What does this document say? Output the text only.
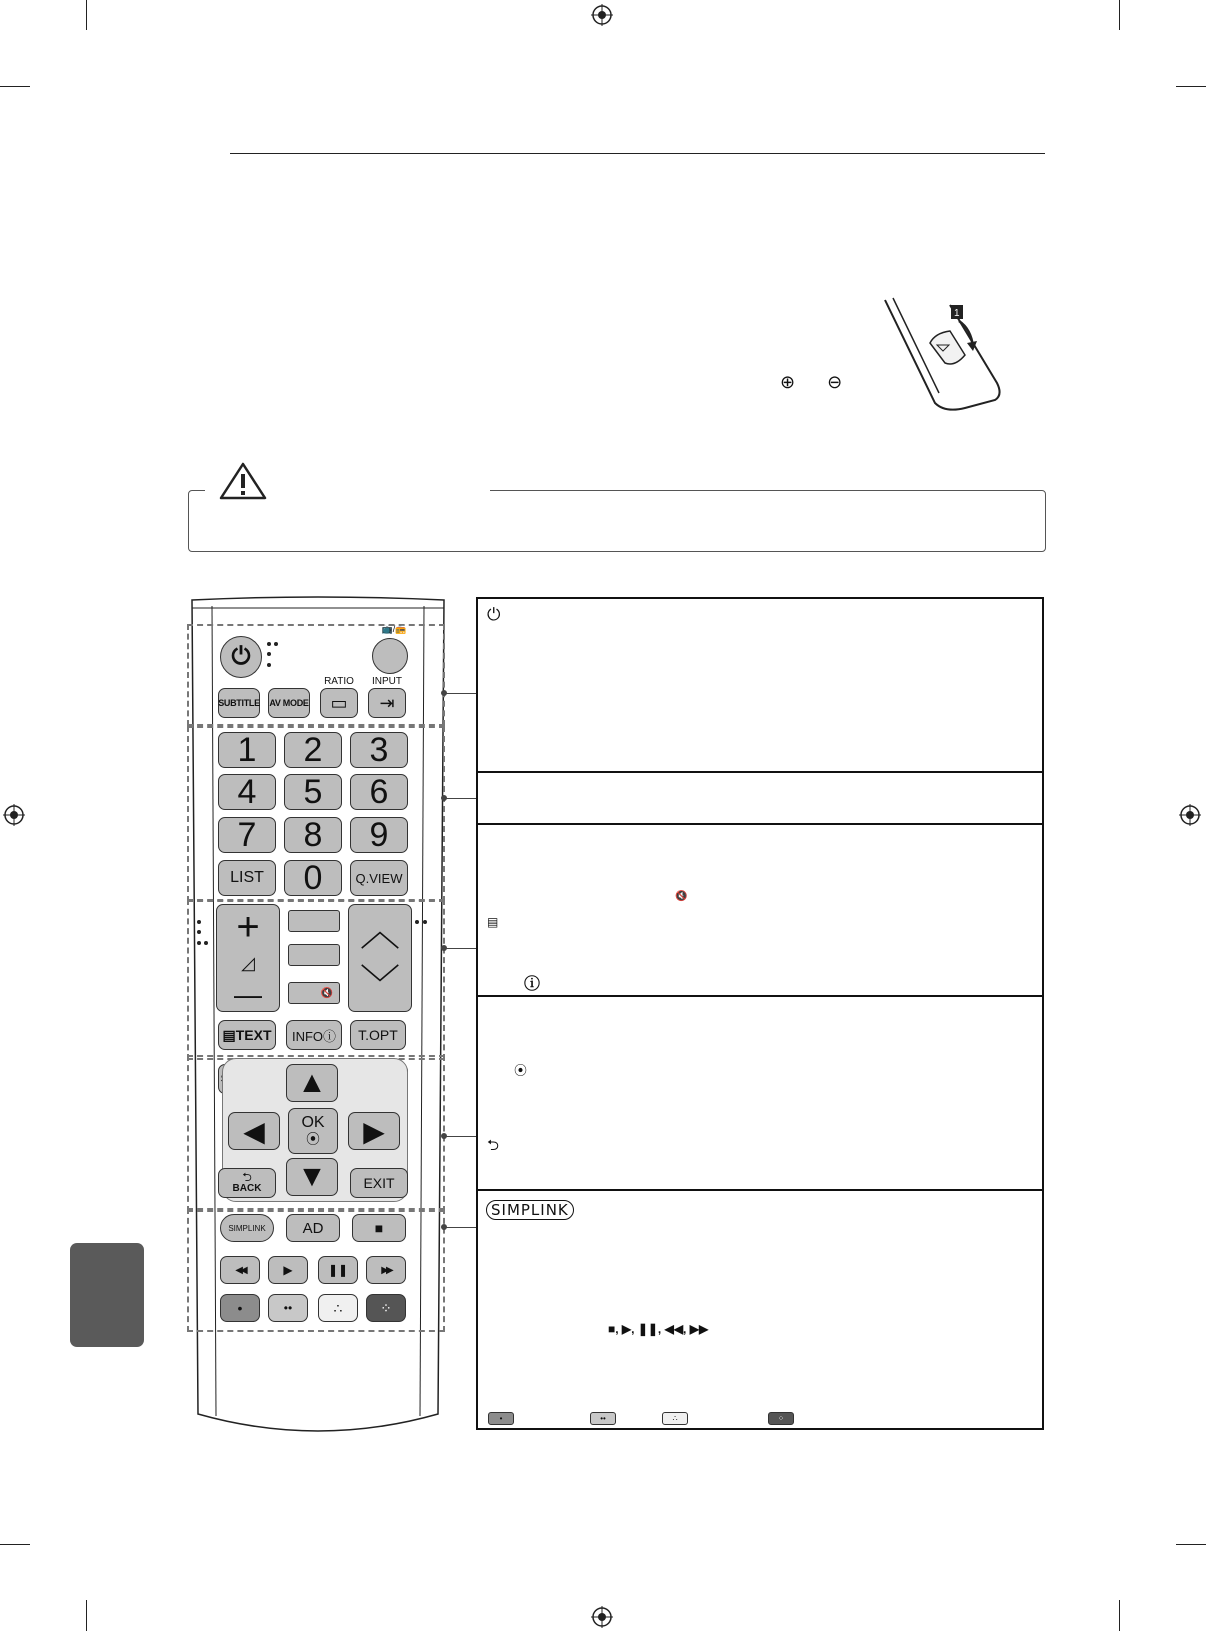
⊕ ⊖
1
⏻
📺/📻
SUBTITLE AV MODE
RATIO
▭
INPUT
⇥
1	2	3
4	5	6
7	8	9
LIST	0	Q.VIEW
+
◿
—	🔇
︿
﹀
▤TEXT	INFOⓘ	T.OPT
▲
◀ OK
⦿ ▶
▼
⮌
BACK	EXIT
SIMPLINK	AD	■
◀◀	▶	❚❚	▶▶
•	••	∴	⁘
⏻
🔇
▤
ⓘ
⦿
⮌
SIMPLINK
■, ▶, ❚❚, ◀◀, ▶▶
•	••	∴	⁘
